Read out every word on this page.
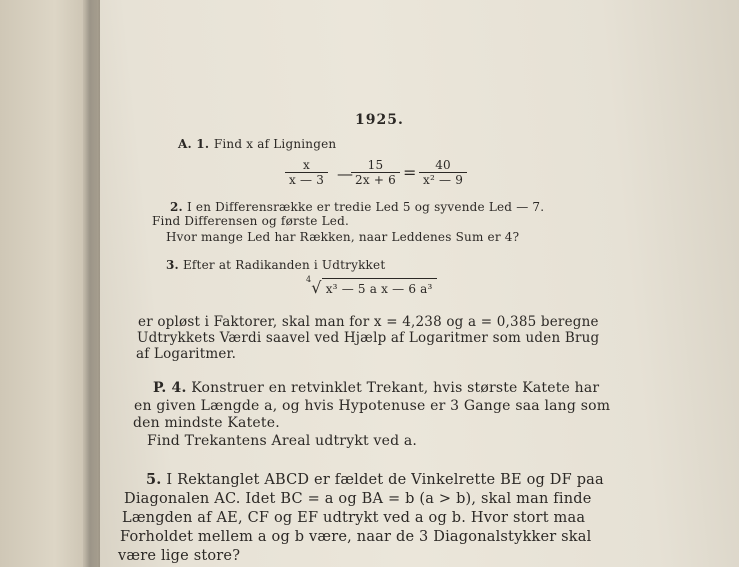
1925.
A. 1. Find x af Ligningen
$\frac{x}{x — 3}$ —
$\frac{15}{2x + 6} = \frac{40}{\text{x² — 9}}$
2. I en Differensrække er tredie Led 5 og syvende Led — 7.
Find Differensen og første Led.
Hvor mange Led har Rækken, naar Leddenes Sum er 4?
3. Efter at Radikanden i Udtrykket
$^4$√ x³ — 5 a x — 6 a³
er opløst i Faktorer, skal man for x = 4,238 og a = 0,385 beregne
Udtrykkets Værdi saavel ved Hjælp af Logaritmer som uden Brug
af Logaritmer.
P. 4. Konstruer en retvinklet Trekant, hvis største Katete har
en given Længde a, og hvis Hypotenuse er 3 Gange saa lang som
den mindste Katete.
Find Trekantens Areal udtrykt ved a.
5. I Rektanglet ABCD er fældet de Vinkelrette BE og DF paa
Diagonalen AC. Idet BC = a og BA = b (a > b), skal man finde
Længden af AE, CF og EF udtrykt ved a og b. Hvor stort maa
Forholdet mellem a og b være, naar de 3 Diagonalstykker skal
være lige store?
